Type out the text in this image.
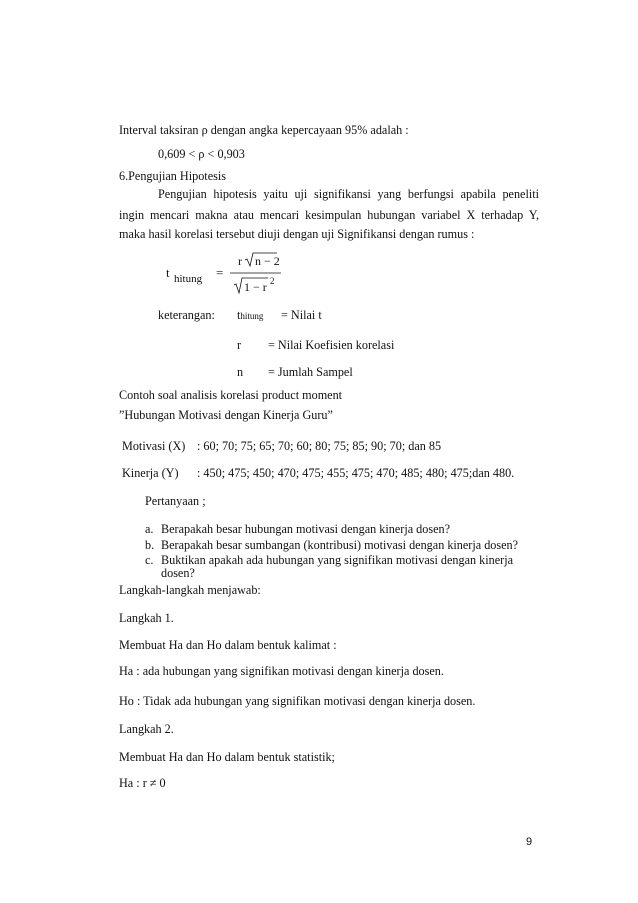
Interval taksiran ρ dengan angka kepercayaan 95% adalah :
0,609 < ρ < 0,903
6.Pengujian Hipotesis
Pengujian hipotesis yaitu uji signifikansi yang berfungsi apabila peneliti
ingin mencari makna atau mencari kesimpulan hubungan variabel X terhadap Y,
maka hasil korelasi tersebut diuji dengan uji Signifikansi dengan rumus :
t hitung =
r n − 2
1 − r 2
keterangan: thitung = Nilai t
r = Nilai Koefisien korelasi
n = Jumlah Sampel
Contoh soal analisis korelasi product moment
”Hubungan Motivasi dengan Kinerja Guru”
Motivasi (X) : 60; 70; 75; 65; 70; 60; 80; 75; 85; 90; 70; dan 85
Kinerja (Y) : 450; 475; 450; 470; 475; 455; 475; 470; 485; 480; 475;dan 480.
Pertanyaan ;
a. Berapakah besar hubungan motivasi dengan kinerja dosen?
b. Berapakah besar sumbangan (kontribusi) motivasi dengan kinerja dosen?
c. Buktikan apakah ada hubungan yang signifikan motivasi dengan kinerja
dosen?
Langkah-langkah menjawab:
Langkah 1.
Membuat Ha dan Ho dalam bentuk kalimat :
Ha : ada hubungan yang signifikan motivasi dengan kinerja dosen.
Ho : Tidak ada hubungan yang signifikan motivasi dengan kinerja dosen.
Langkah 2.
Membuat Ha dan Ho dalam bentuk statistik;
Ha : r ≠ 0
9
